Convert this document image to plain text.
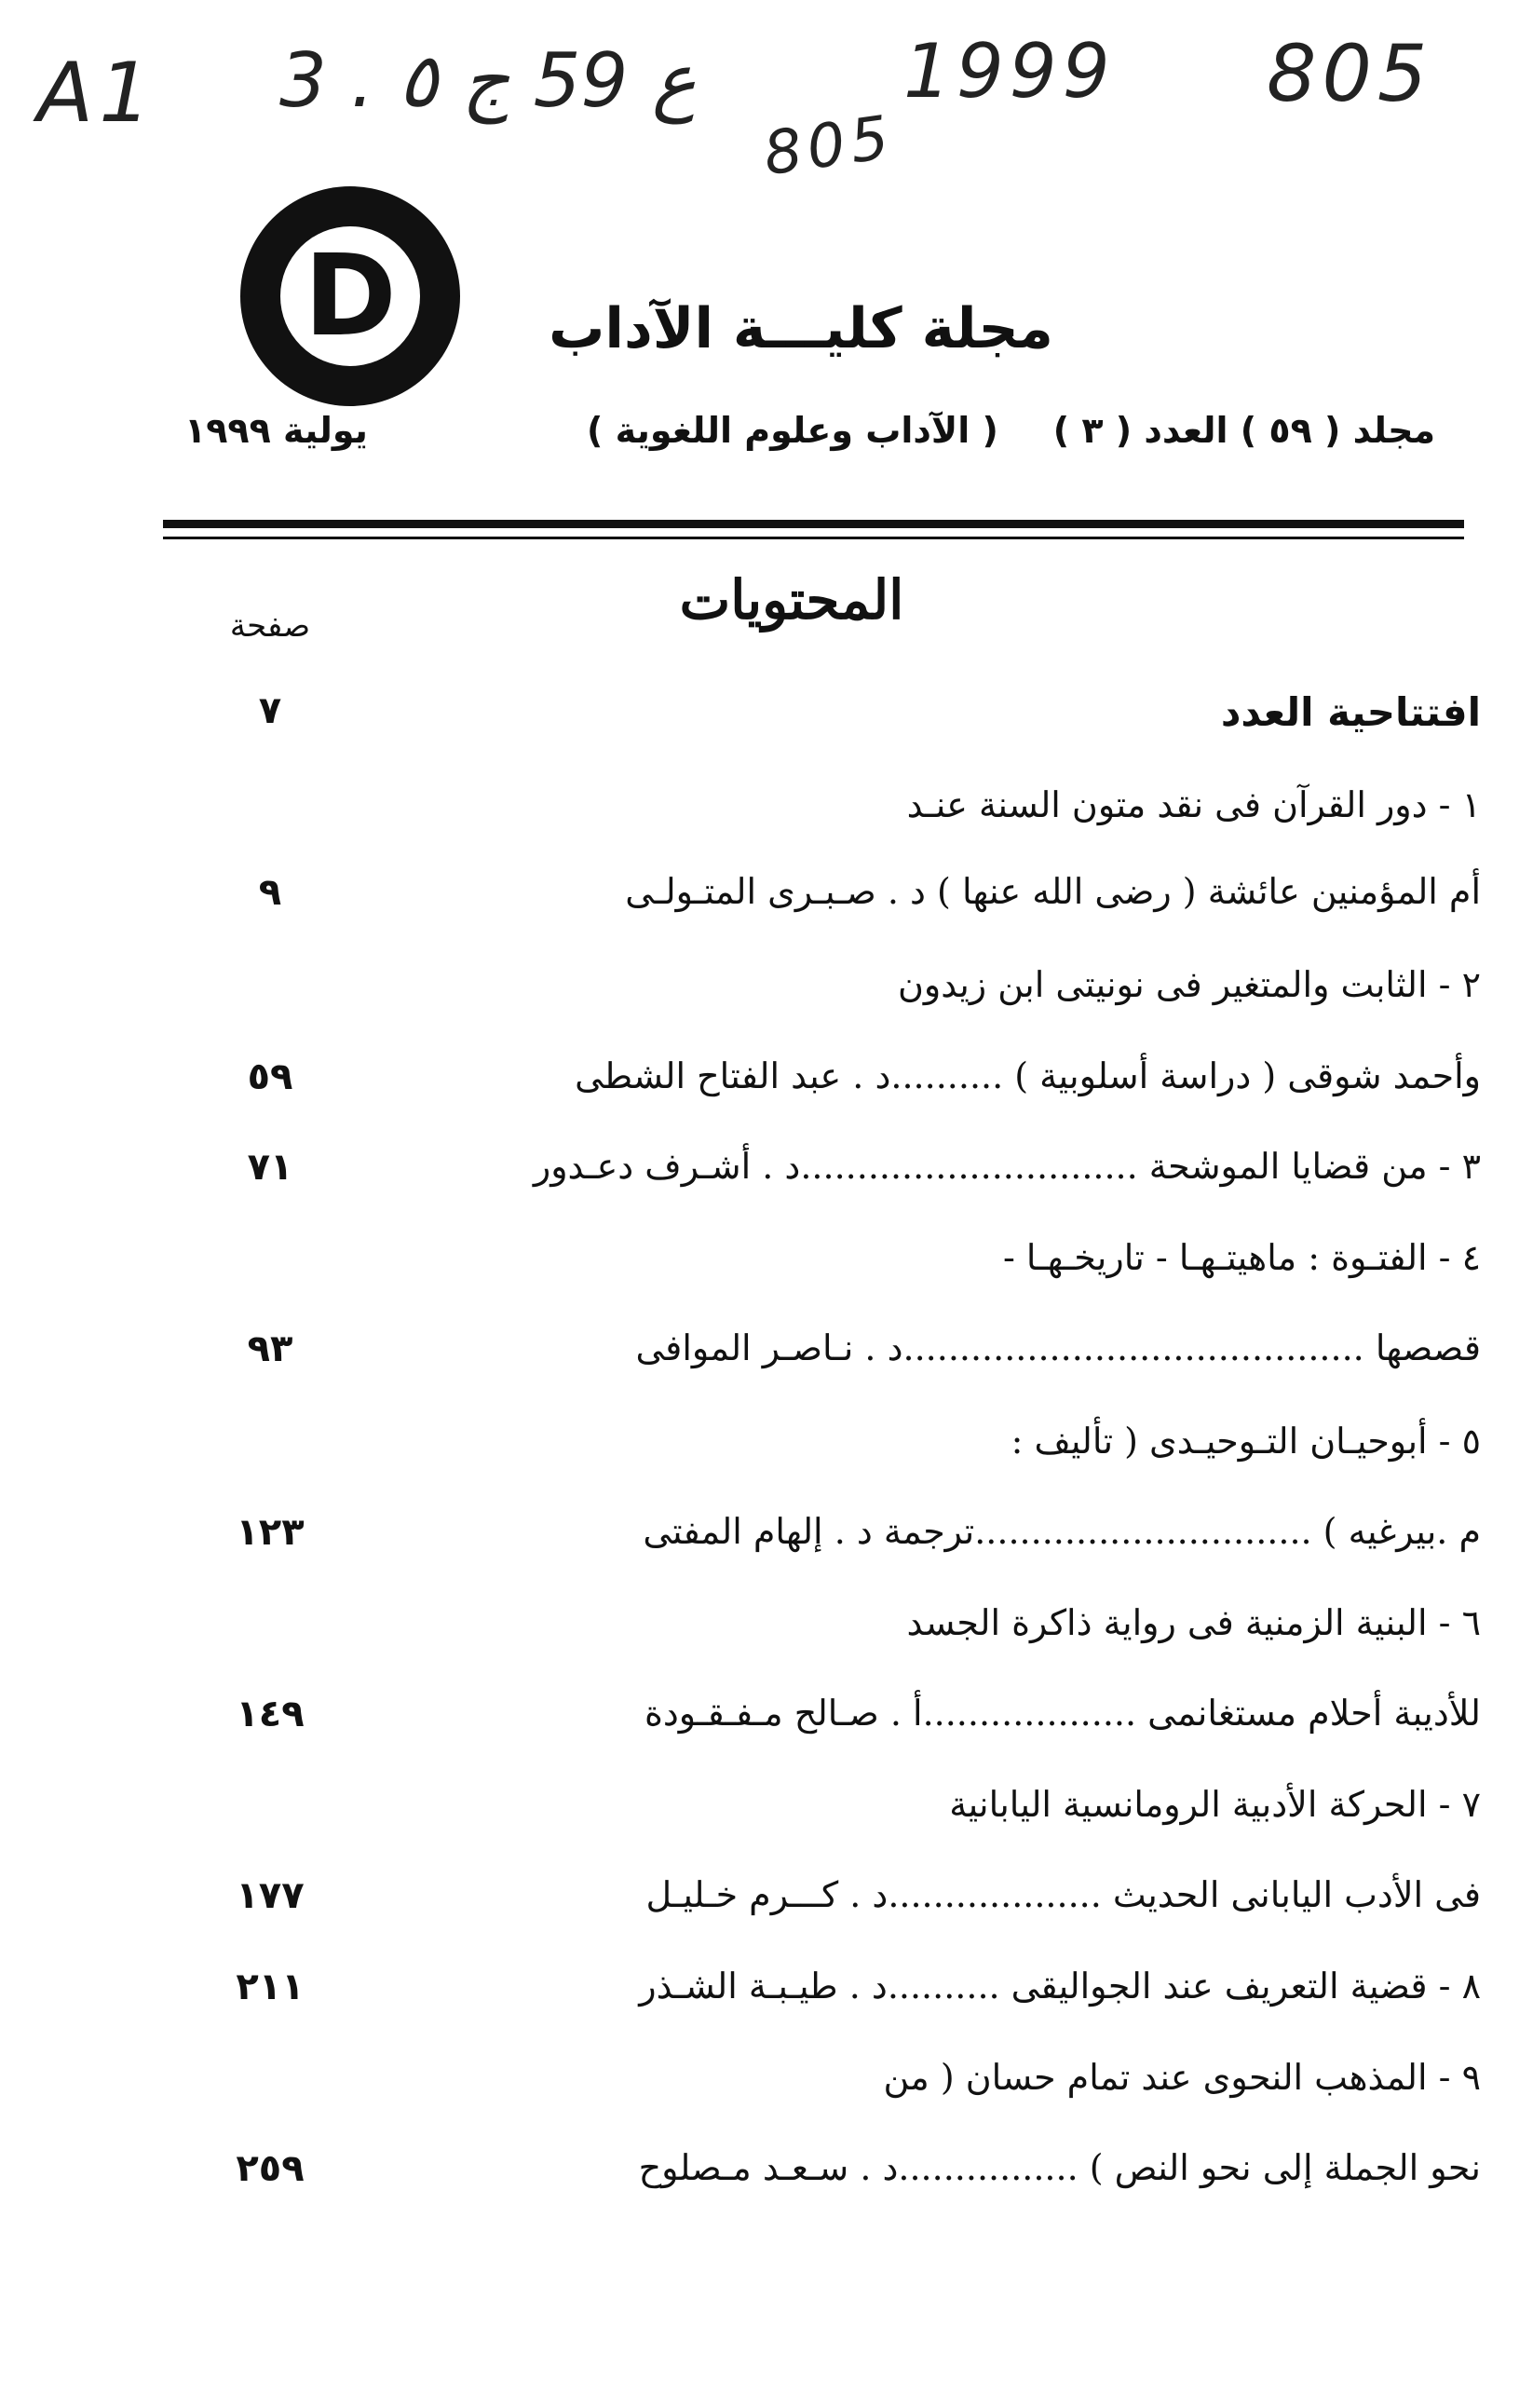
A1 3 . ع 59 ج ٥	1999 805
805
D	مجلة كليـــة الآداب
مجلد ( ٥٩ ) العدد ( ٣ )
( الآداب وعلوم اللغوية )
يولية ١٩٩٩
المحتويات
صفحة
٧	افتتاحية العدد
١ - دور القرآن فى نقد متون السنة عنـد
٩	أم المؤمنين عائشة ( رضى الله عنها ) د . صـبـرى المتـولـى
٢ - الثابت والمتغير فى نونيتى ابن زيدون
٥٩	وأحمد شوقى ( دراسة أسلوبية ) ..........د . عبد الفتاح الشطى
٧١	٣ - من قضايا الموشحة ..............................د . أشـرف دعـدور
٤ - الفتـوة : ماهيتـهـا - تاريخـهـا -
٩٣	قصصها .........................................د . نـاصـر الموافى
٥ - أبوحيـان التـوحيـدى ( تأليف :
١٢٣	م .بيرغيه ) ..............................ترجمة د . إلهام المفتى
٦ - البنية الزمنية فى رواية ذاكرة الجسد
١٤٩	للأديبة أحلام مستغانمى ...................أ . صـالح مـفـقـودة
٧ - الحركة الأدبية الرومانسية اليابانية
١٧٧	فى الأدب اليابانى الحديث ...................د . كـــرم خـليـل
٢١١	٨ - قضية التعريف عند الجواليقى ..........د . طيـبـة الشـذر
٩ - المذهب النحوى عند تمام حسان ( من
٢٥٩	نحو الجملة إلى نحو النص ) ................د . سـعـد مـصلوح
